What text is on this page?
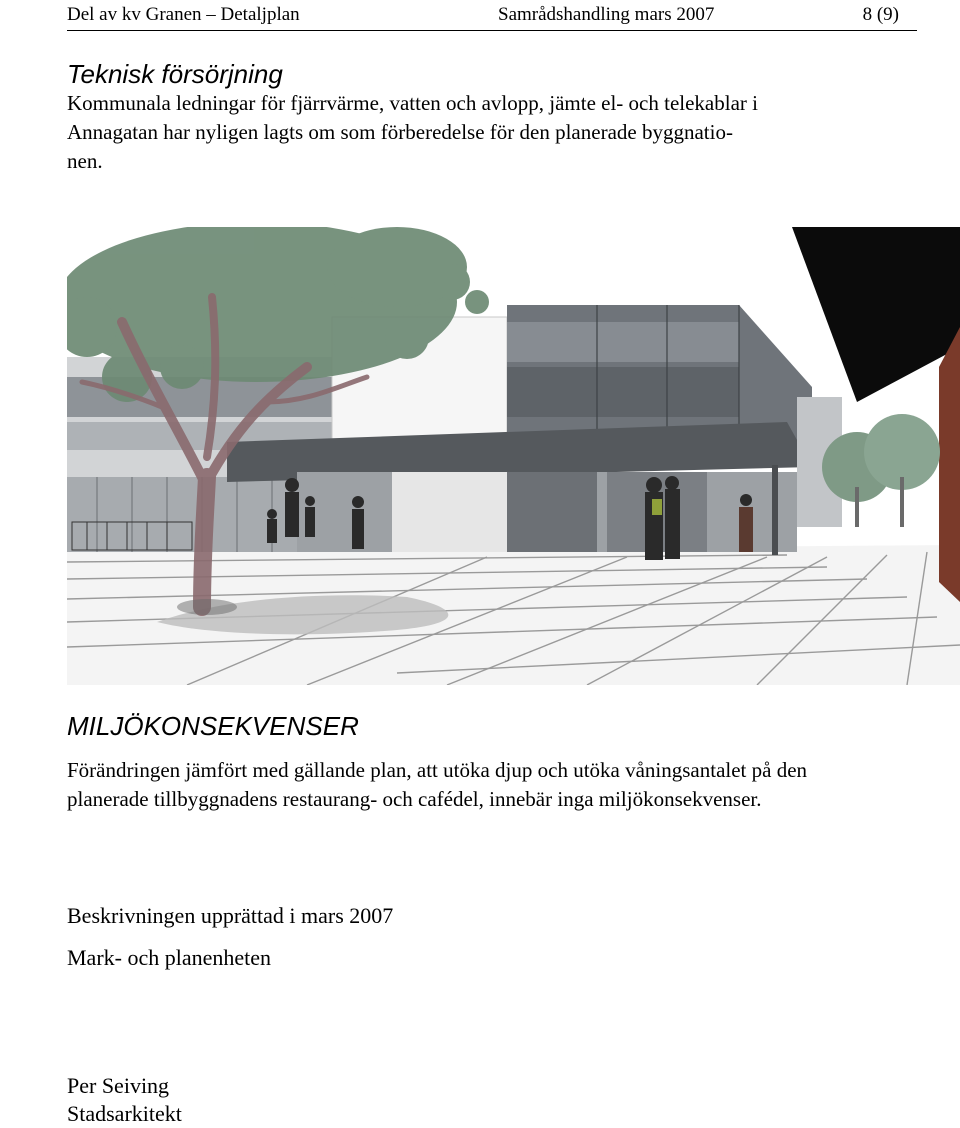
Del av kv Granen – Detaljplan	Samrådshandling mars 2007	8 (9)
Teknisk försörjning

Kommunala ledningar för fjärrvärme, vatten och avlopp, jämte el- och telekablar i
Annagatan har nyligen lagts om som förberedelse för den planerade byggnatio-
nen.

MILJÖKONSEKVENSER

Förändringen jämfört med gällande plan, att utöka djup och utöka våningsantalet på den
planerade tillbyggnadens restaurang- och cafédel, innebär inga miljökonsekvenser.

Beskrivningen upprättad i mars 2007
Mark- och planenheten
Per Seiving
Stadsarkitekt
